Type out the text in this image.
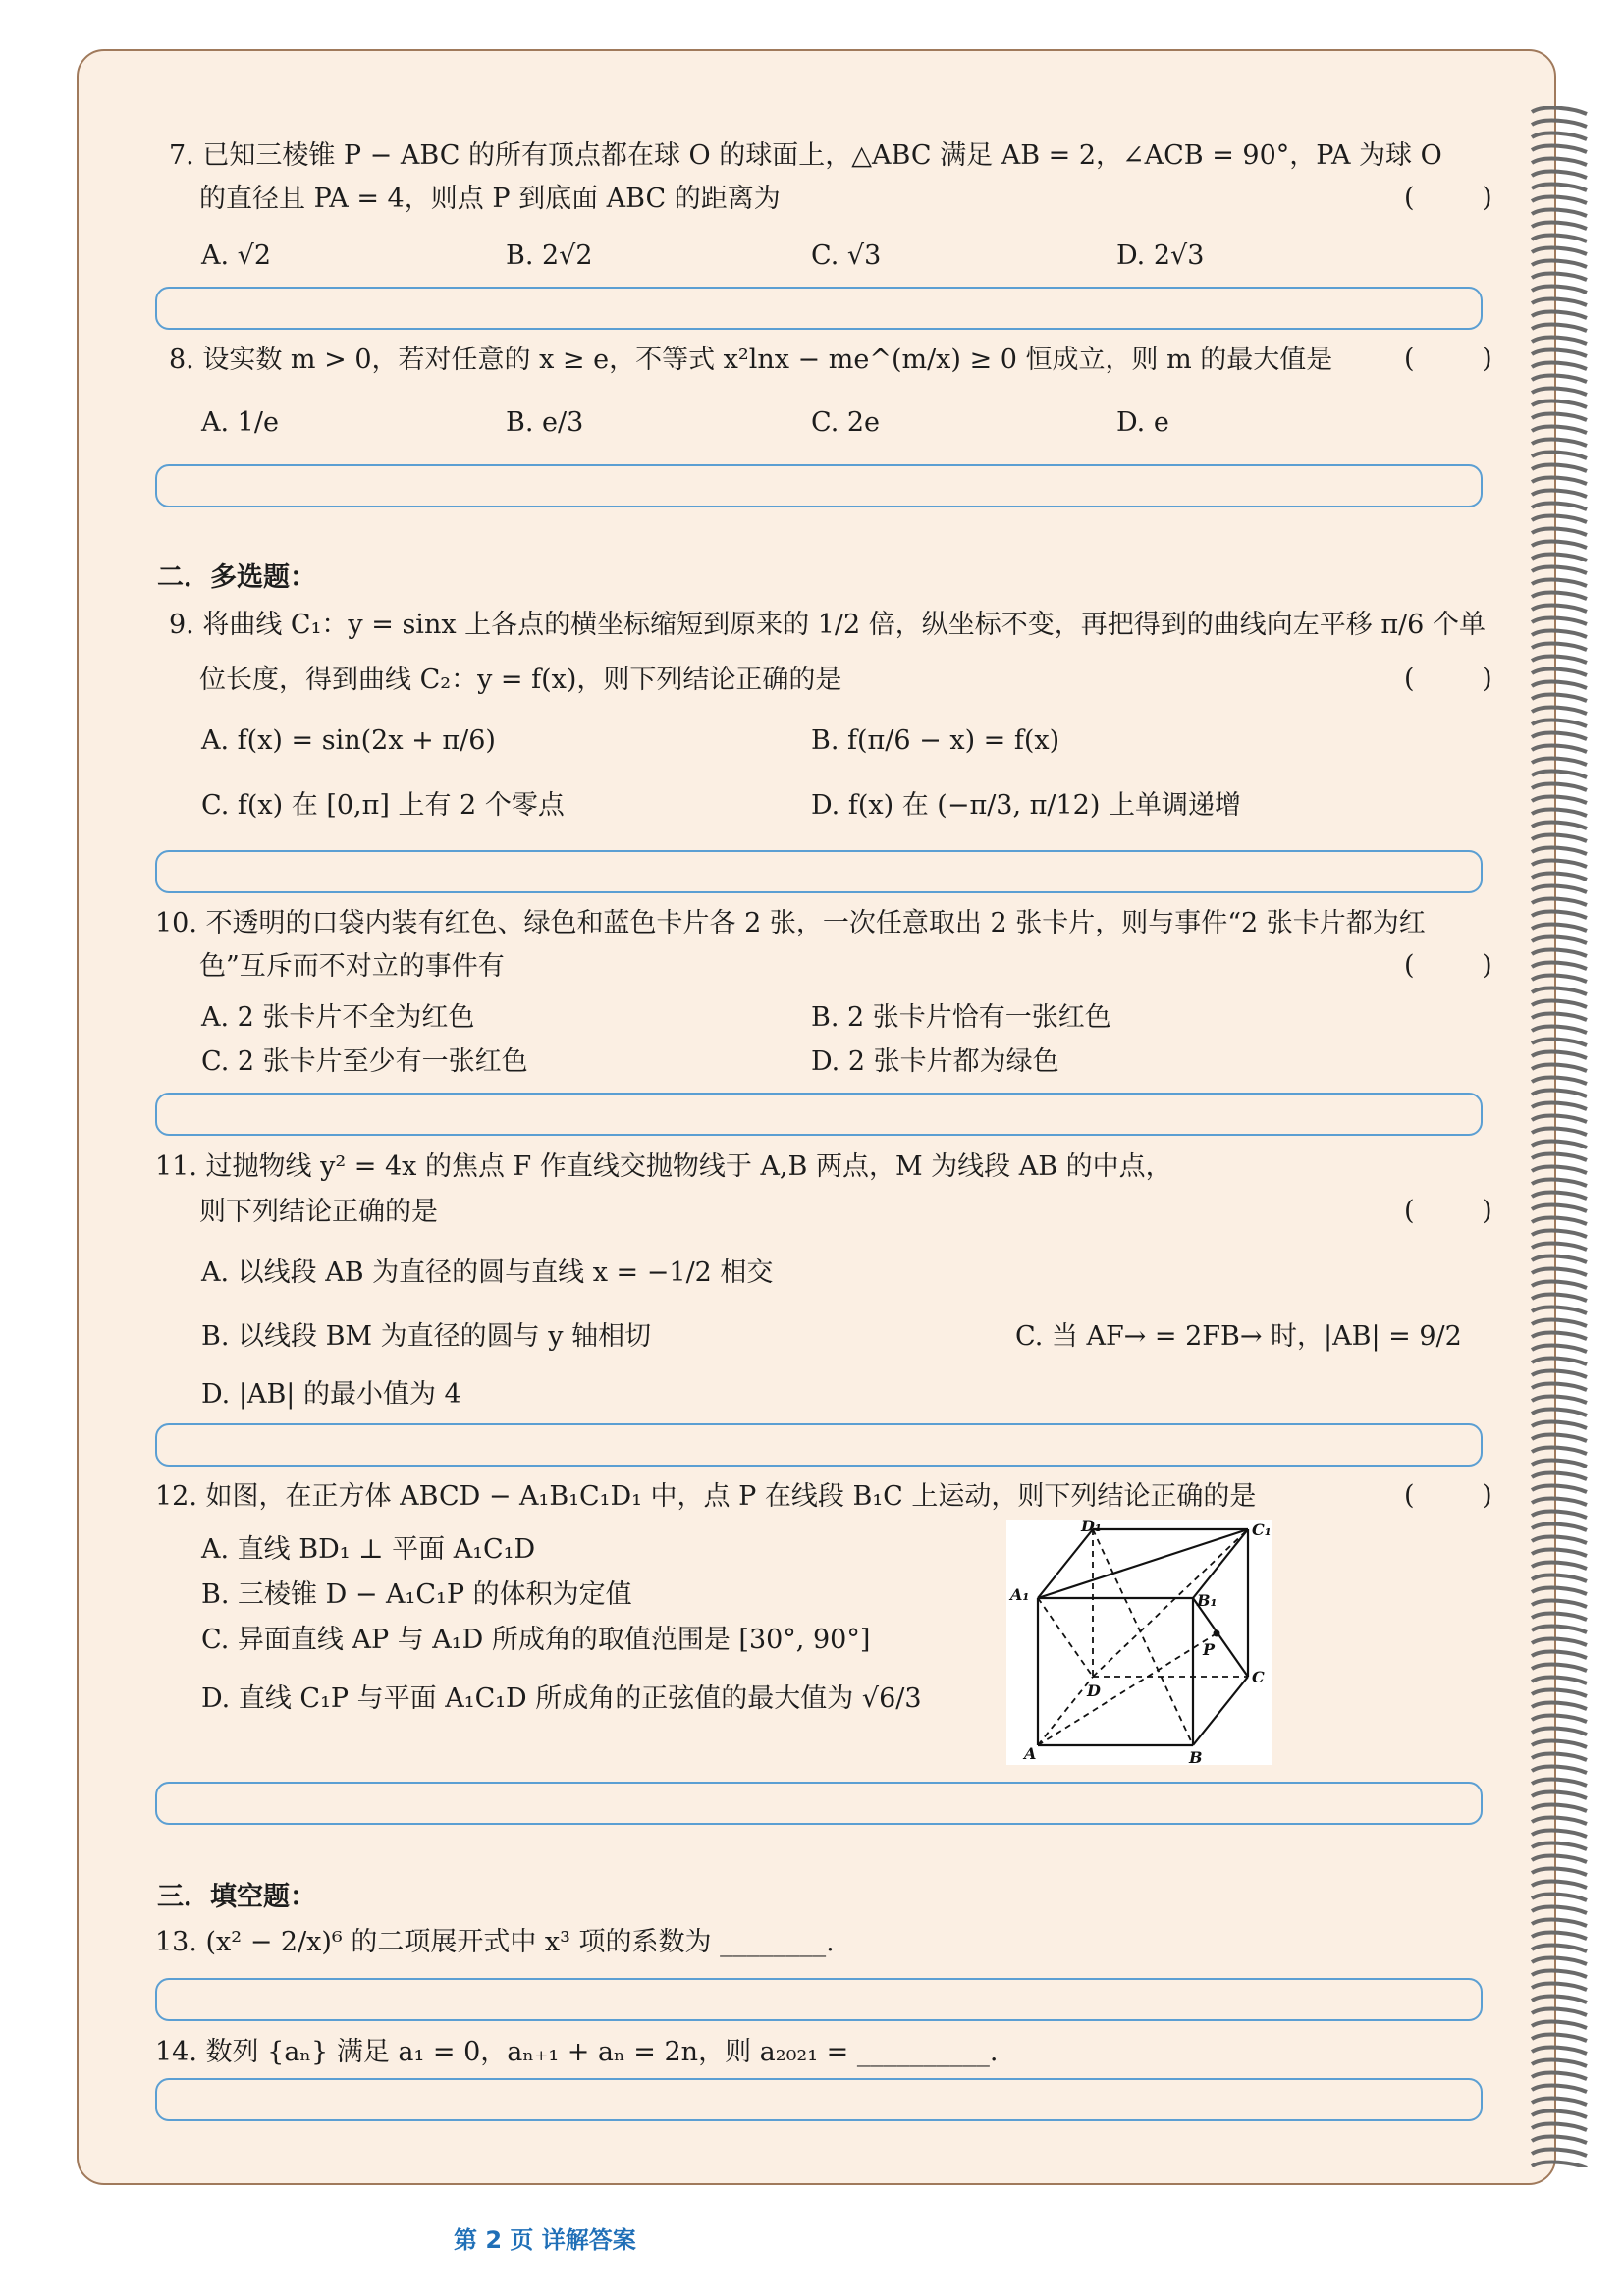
7. 已知三棱锥 P − ABC 的所有顶点都在球 O 的球面上，△ABC 满足 AB = 2，∠ACB = 90°，PA 为球 O
的直径且 PA = 4，则点 P 到底面 ABC 的距离为	( )
A. √2	B. 2√2	C. √3	D. 2√3
8. 设实数 m > 0，若对任意的 x ≥ e，不等式 x²lnx − me^(m/x) ≥ 0 恒成立，则 m 的最大值是	( )
A. 1/e	B. e/3	C. 2e	D. e
二．多选题：
9. 将曲线 C₁：y = sinx 上各点的横坐标缩短到原来的 1/2 倍，纵坐标不变，再把得到的曲线向左平移 π/6 个单
位长度，得到曲线 C₂：y = f(x)，则下列结论正确的是	( )
A. f(x) = sin(2x + π/6)	B. f(π/6 − x) = f(x)
C. f(x) 在 [0,π] 上有 2 个零点	D. f(x) 在 (−π/3, π/12) 上单调递增
10. 不透明的口袋内装有红色、绿色和蓝色卡片各 2 张，一次任意取出 2 张卡片，则与事件“2 张卡片都为红
色”互斥而不对立的事件有	( )
A. 2 张卡片不全为红色	B. 2 张卡片恰有一张红色
C. 2 张卡片至少有一张红色	D. 2 张卡片都为绿色
11. 过抛物线 y² = 4x 的焦点 F 作直线交抛物线于 A,B 两点，M 为线段 AB 的中点，
则下列结论正确的是	( )
A. 以线段 AB 为直径的圆与直线 x = −1/2 相交
B. 以线段 BM 为直径的圆与 y 轴相切	C. 当 AF→ = 2FB→ 时，|AB| = 9/2
D. |AB| 的最小值为 4
12. 如图，在正方体 ABCD − A₁B₁C₁D₁ 中，点 P 在线段 B₁C 上运动，则下列结论正确的是	( )
A. 直线 BD₁ ⊥ 平面 A₁C₁D
B. 三棱锥 D − A₁C₁P 的体积为定值
C. 异面直线 AP 与 A₁D 所成角的取值范围是 [30°, 90°]
D. 直线 C₁P 与平面 A₁C₁D 所成角的正弦值的最大值为 √6/3
D₁	C₁
A₁	B₁
P
D
C
A	B
三．填空题：
13. (x² − 2/x)⁶ 的二项展开式中 x³ 项的系数为 ________.
14. 数列 {aₙ} 满足 a₁ = 0，aₙ₊₁ + aₙ = 2n，则 a₂₀₂₁ = __________.
第 2 页 详解答案
